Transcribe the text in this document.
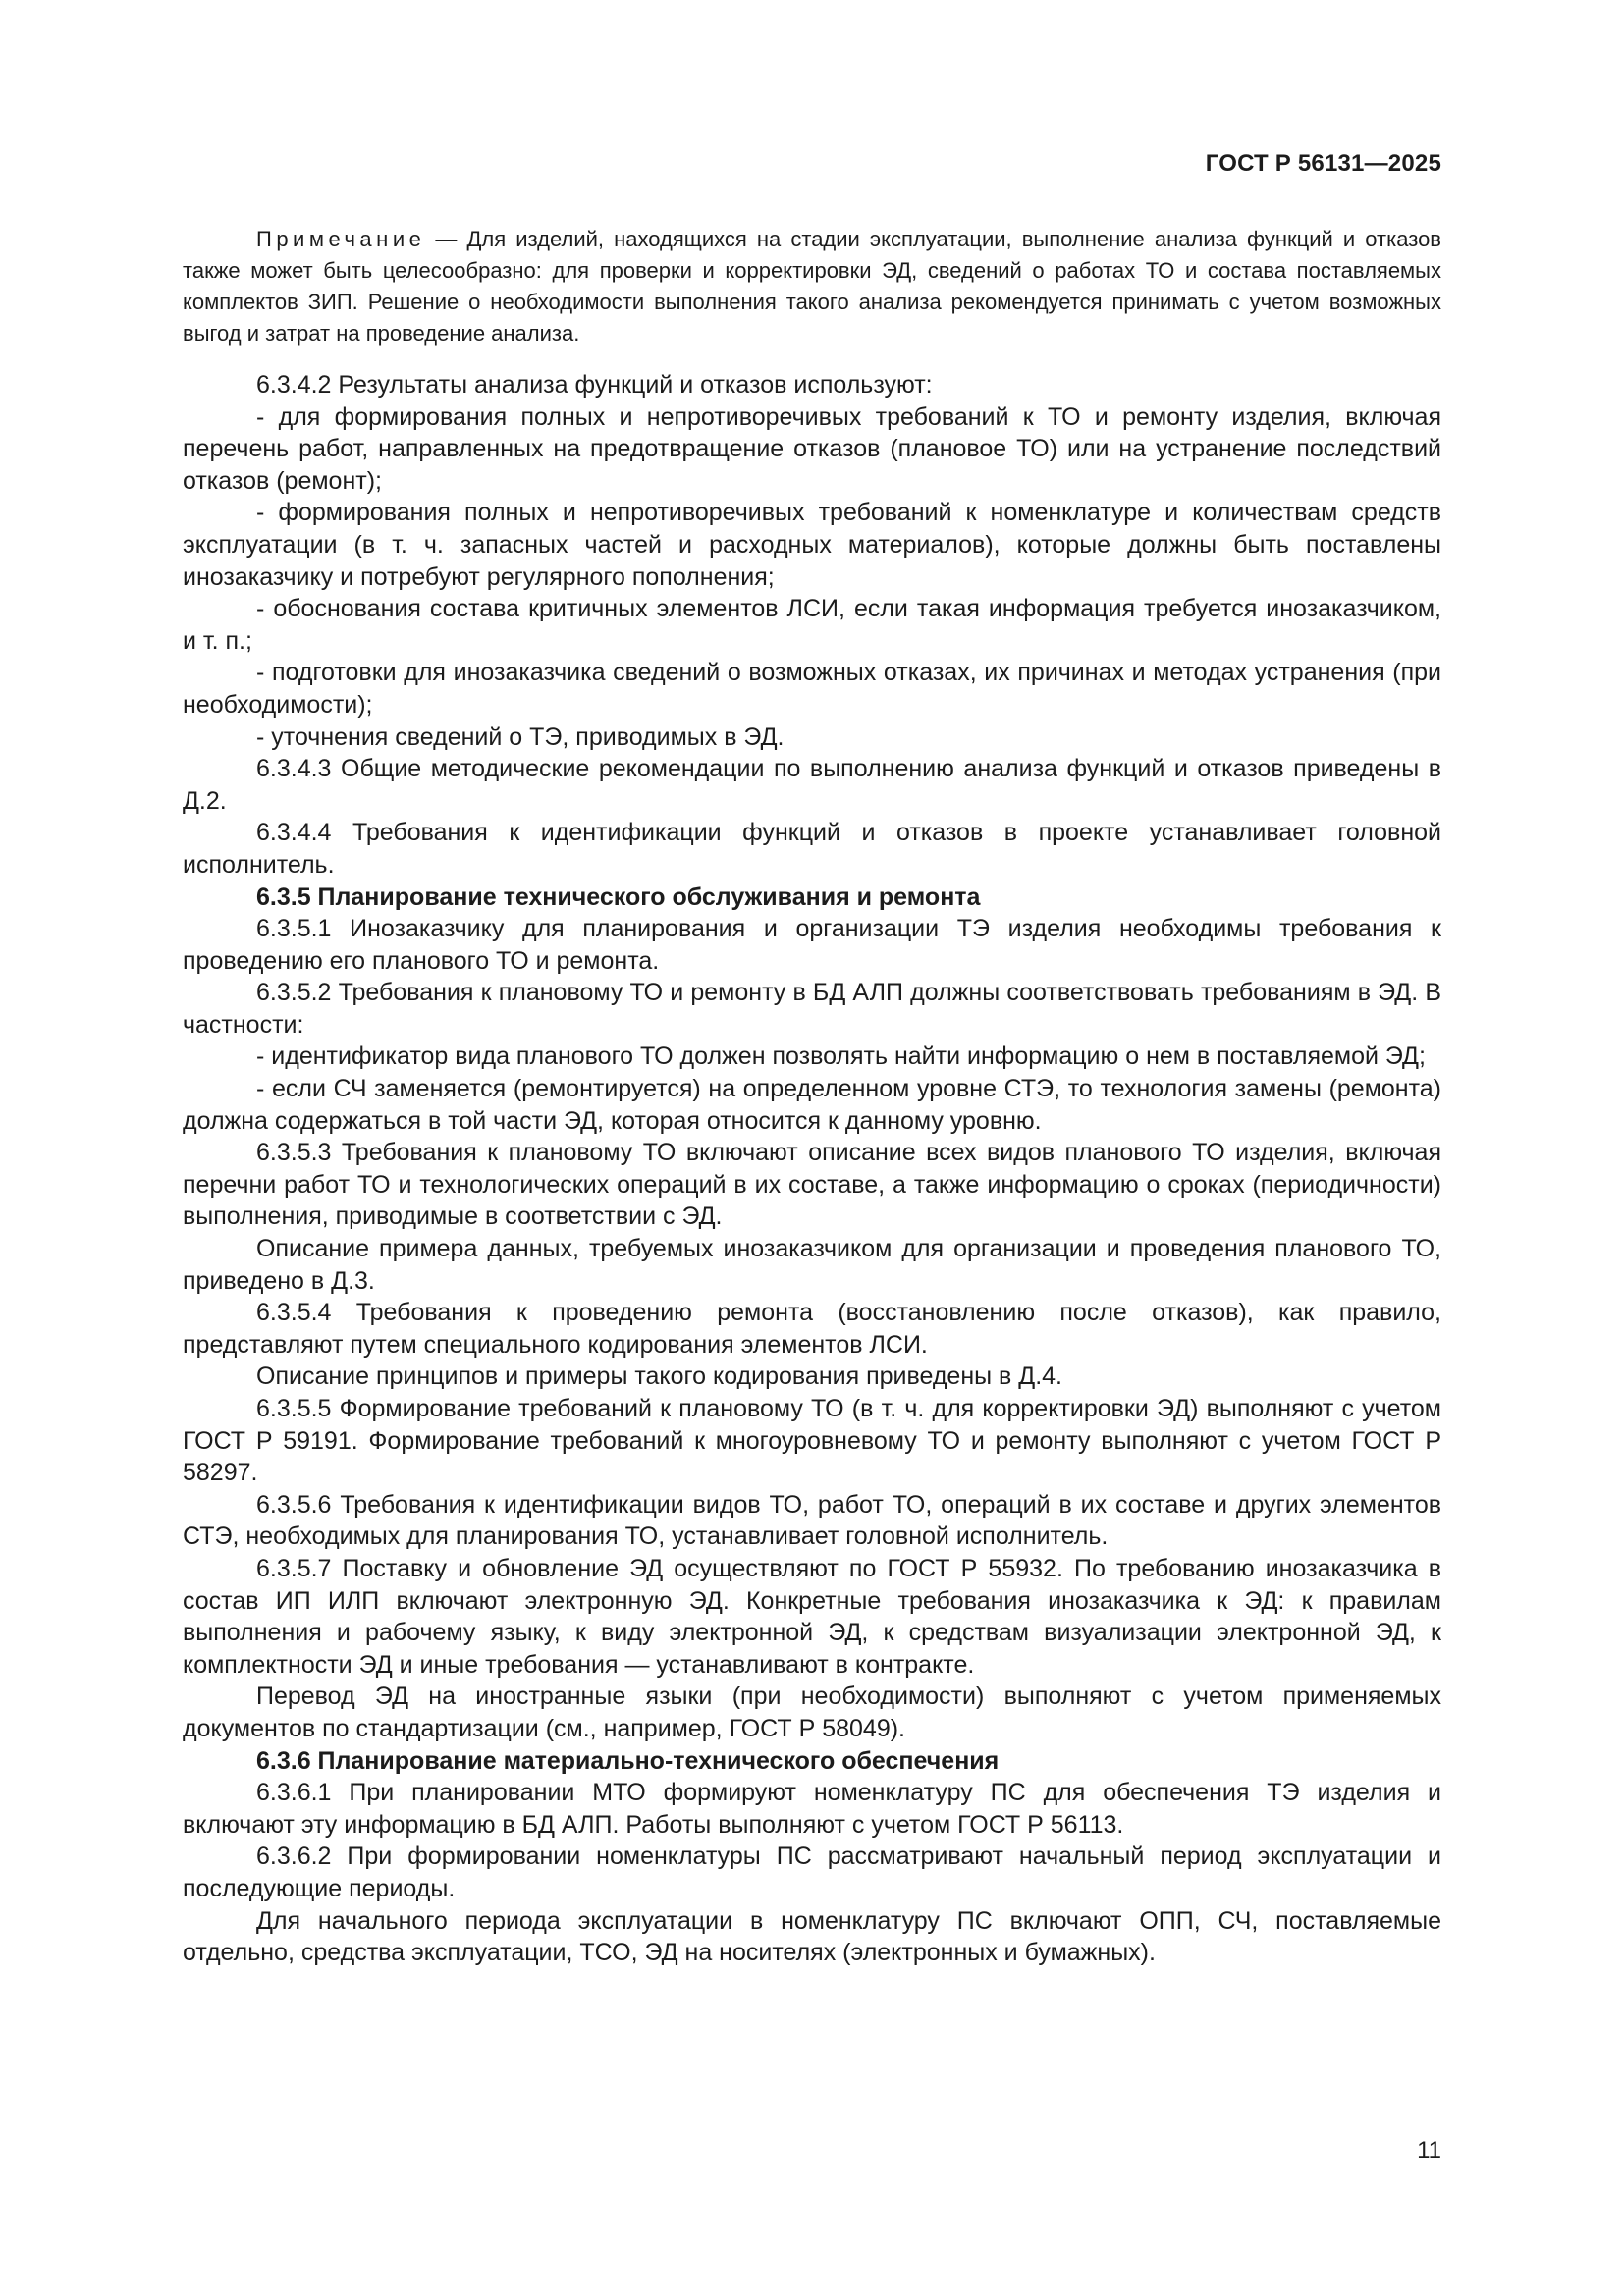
ГОСТ Р 56131—2025
Примечание — Для изделий, находящихся на стадии эксплуатации, выполнение анализа функций и отказов также может быть целесообразно: для проверки и корректировки ЭД, сведений о работах ТО и состава поставляемых комплектов ЗИП. Решение о необходимости выполнения такого анализа рекомендуется принимать с учетом возможных выгод и затрат на проведение анализа.

6.3.4.2 Результаты анализа функций и отказов используют:

- для формирования полных и непротиворечивых требований к ТО и ремонту изделия, включая перечень работ, направленных на предотвращение отказов (плановое ТО) или на устранение последствий отказов (ремонт);

- формирования полных и непротиворечивых требований к номенклатуре и количествам средств эксплуатации (в т. ч. запасных частей и расходных материалов), которые должны быть поставлены инозаказчику и потребуют регулярного пополнения;

- обоснования состава критичных элементов ЛСИ, если такая информация требуется инозаказчиком, и т. п.;

- подготовки для инозаказчика сведений о возможных отказах, их причинах и методах устранения (при необходимости);

- уточнения сведений о ТЭ, приводимых в ЭД.

6.3.4.3 Общие методические рекомендации по выполнению анализа функций и отказов приведены в Д.2.

6.3.4.4 Требования к идентификации функций и отказов в проекте устанавливает головной исполнитель.

6.3.5 Планирование технического обслуживания и ремонта

6.3.5.1 Инозаказчику для планирования и организации ТЭ изделия необходимы требования к проведению его планового ТО и ремонта.

6.3.5.2 Требования к плановому ТО и ремонту в БД АЛП должны соответствовать требованиям в ЭД. В частности:

- идентификатор вида планового ТО должен позволять найти информацию о нем в поставляемой ЭД;

- если СЧ заменяется (ремонтируется) на определенном уровне СТЭ, то технология замены (ремонта) должна содержаться в той части ЭД, которая относится к данному уровню.

6.3.5.3 Требования к плановому ТО включают описание всех видов планового ТО изделия, включая перечни работ ТО и технологических операций в их составе, а также информацию о сроках (периодичности) выполнения, приводимые в соответствии с ЭД.

Описание примера данных, требуемых инозаказчиком для организации и проведения планового ТО, приведено в Д.3.

6.3.5.4 Требования к проведению ремонта (восстановлению после отказов), как правило, представляют путем специального кодирования элементов ЛСИ.

Описание принципов и примеры такого кодирования приведены в Д.4.

6.3.5.5 Формирование требований к плановому ТО (в т. ч. для корректировки ЭД) выполняют с учетом ГОСТ Р 59191. Формирование требований к многоуровневому ТО и ремонту выполняют с учетом ГОСТ Р 58297.

6.3.5.6 Требования к идентификации видов ТО, работ ТО, операций в их составе и других элементов СТЭ, необходимых для планирования ТО, устанавливает головной исполнитель.

6.3.5.7 Поставку и обновление ЭД осуществляют по ГОСТ Р 55932. По требованию инозаказчика в состав ИП ИЛП включают электронную ЭД. Конкретные требования инозаказчика к ЭД: к правилам выполнения и рабочему языку, к виду электронной ЭД, к средствам визуализации электронной ЭД, к комплектности ЭД и иные требования — устанавливают в контракте.

Перевод ЭД на иностранные языки (при необходимости) выполняют с учетом применяемых документов по стандартизации (см., например, ГОСТ Р 58049).

6.3.6 Планирование материально-технического обеспечения

6.3.6.1 При планировании МТО формируют номенклатуру ПС для обеспечения ТЭ изделия и включают эту информацию в БД АЛП. Работы выполняют с учетом ГОСТ Р 56113.

6.3.6.2 При формировании номенклатуры ПС рассматривают начальный период эксплуатации и последующие периоды.

Для начального периода эксплуатации в номенклатуру ПС включают ОПП, СЧ, поставляемые отдельно, средства эксплуатации, ТСО, ЭД на носителях (электронных и бумажных).

11
